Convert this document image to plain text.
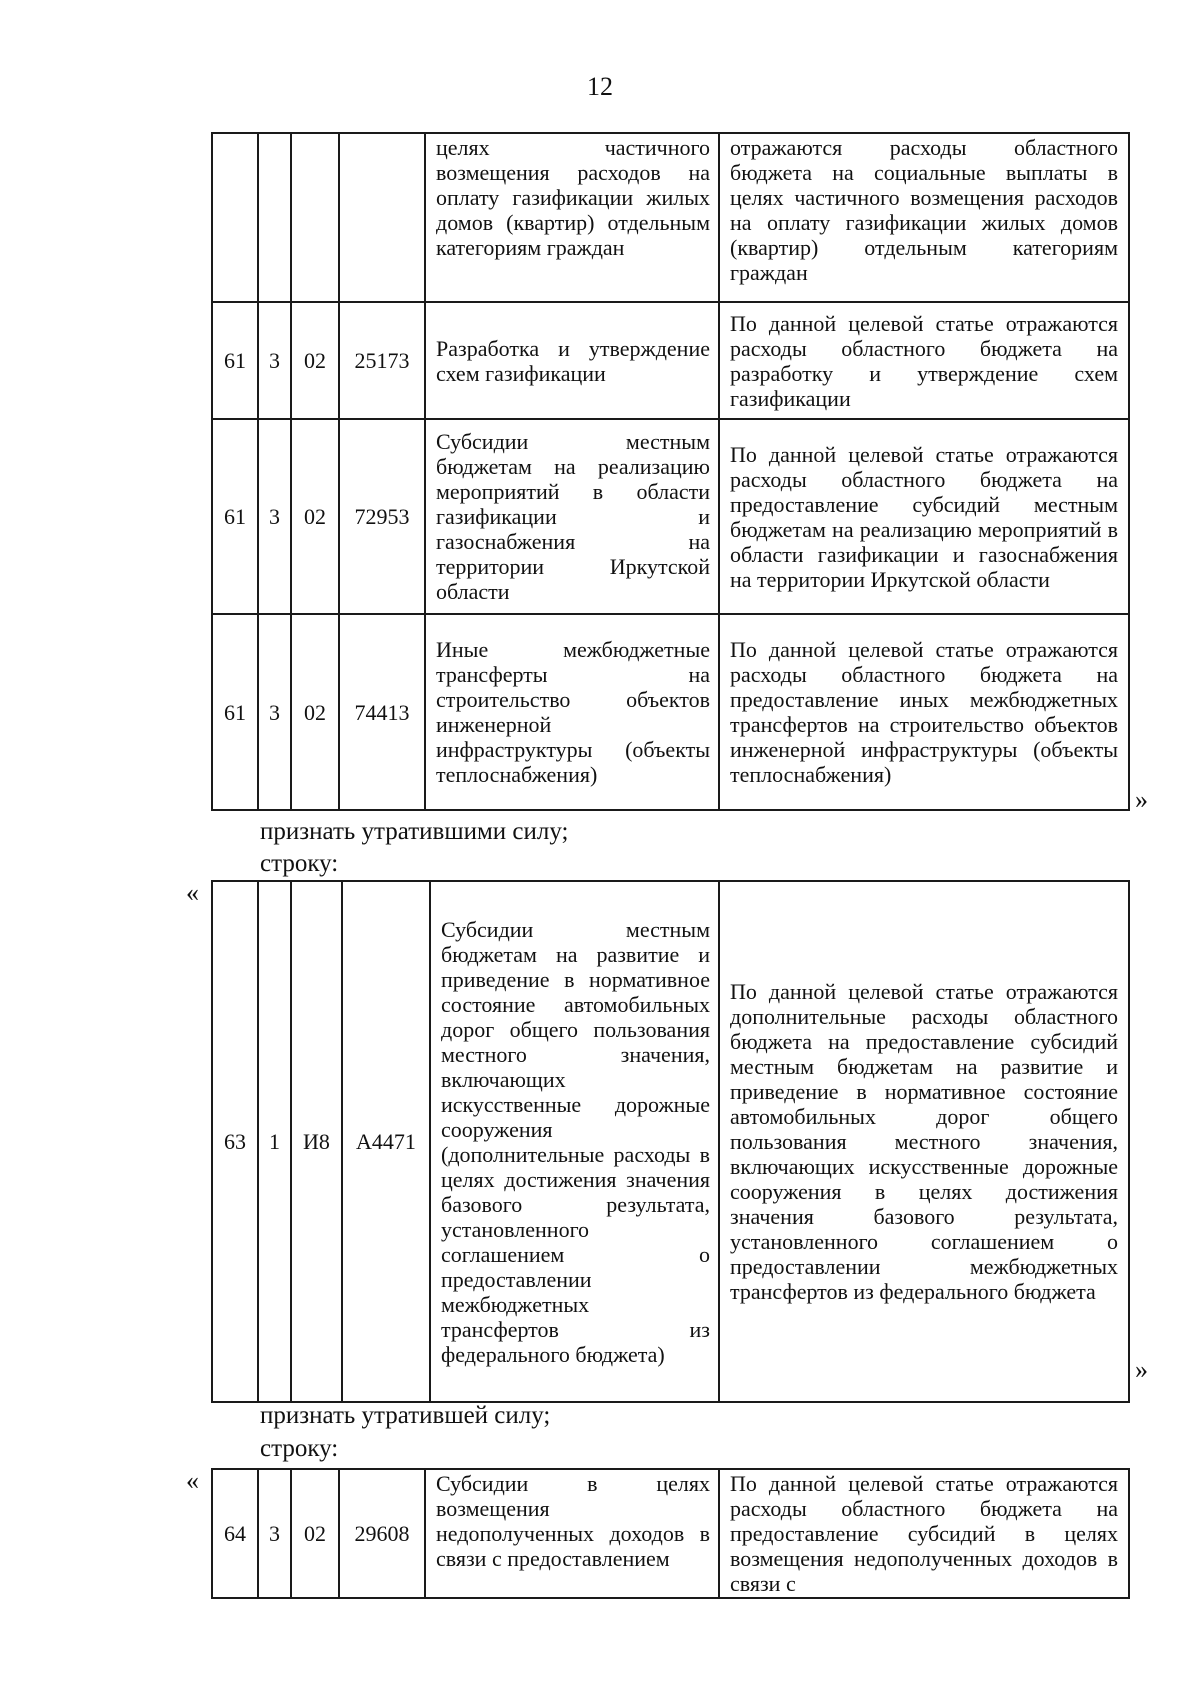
12
				целях частичного возмещения расходов на оплату газификации жилых домов (квартир) отдельным категориям граждан	отражаются расходы областного бюджета на социальные выплаты в целях частичного возмещения расходов на оплату газификации жилых домов (квартир) отдельным категориям граждан
61	3	02	25173	Разработка и утверждение схем газификации	По данной целевой статье отражаются расходы областного бюджета на разработку и утверждение схем газификации
61	3	02	72953	Субсидии местным бюджетам на реализацию мероприятий в области газификации и газоснабжения на территории Иркутской области	По данной целевой статье отражаются расходы областного бюджета на предоставление субсидий местным бюджетам на реализацию мероприятий в области газификации и газоснабжения на территории Иркутской области
61	3	02	74413	Иные межбюджетные трансферты на строительство объектов инженерной инфраструктуры (объекты теплоснабжения)	По данной целевой статье отражаются расходы областного бюджета на предоставление иных межбюджетных трансфертов на строительство объектов инженерной инфраструктуры (объекты теплоснабжения)
»
признать утратившими силу;
строку:
«
63	1	И8	А4471	Субсидии местным бюджетам на развитие и приведение в нормативное состояние автомобильных дорог общего пользования местного значения, включающих искусственные дорожные сооружения (дополнительные расходы в целях достижения значения базового результата, установленного соглашением о предоставлении межбюджетных трансфертов из федерального бюджета)	По данной целевой статье отражаются дополнительные расходы областного бюджета на предоставление субсидий местным бюджетам на развитие и приведение в нормативное состояние автомобильных дорог общего пользования местного значения, включающих искусственные дорожные сооружения в целях достижения значения базового результата, установленного соглашением о предоставлении межбюджетных трансфертов из федерального бюджета
»
признать утратившей силу;
строку:
«
64	3	02	29608	Субсидии в целях возмещения недополученных доходов в связи с предоставлением	По данной целевой статье отражаются расходы областного бюджета на предоставление субсидий в целях возмещения недополученных доходов в связи с
